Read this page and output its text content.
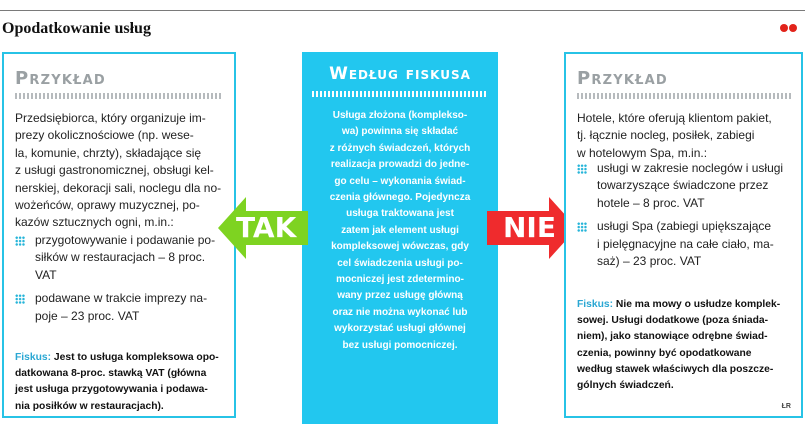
Opodatkowanie usług
Przykład

Przedsiębiorca, który organizuje im-
prezy okolicznościowe (np. wese-
la, komunie, chrzty), składające się
z usługi gastronomicznej, obsługi kel-
nerskiej, dekoracji sali, noclegu dla no-
wożeńców, oprawy muzycznej, po-
kazów sztucznych ogni, m.in.:

przygotowywanie i podawanie po-
siłków w restauracjach – 8 proc.
VAT
podawane w trakcie imprezy na-
poje – 23 proc. VAT

Fiskus: Jest to usługa kompleksowa opo-
datkowana 8-proc. stawką VAT (główna
jest usługa przygotowywania i podawa-
nia posiłków w restauracjach).

Według fiskusa

Usługa złożona (komplekso-
wa) powinna się składać
z różnych świadczeń, których
realizacja prowadzi do jedne-
go celu – wykonania świad-
czenia głównego. Pojedyncza
usługa traktowana jest
zatem jak element usługi
kompleksowej wówczas, gdy
cel świadczenia usługi po-
mocniczej jest zdetermino-
wany przez usługę główną
oraz nie można wykonać lub
wykorzystać usługi głównej
bez usługi pomocniczej.

TAK	NIE
Przykład

Hotele, które oferują klientom pakiet,
tj. łącznie nocleg, posiłek, zabiegi
w hotelowym Spa, m.in.:

usługi w zakresie noclegów i usługi
towarzyszące świadczone przez
hotele – 8 proc. VAT
usługi Spa (zabiegi upiększające
i pielęgnacyjne na całe ciało, ma-
saż) – 23 proc. VAT

Fiskus: Nie ma mowy o usłudze komplek-
sowej. Usługi dodatkowe (poza śniada-
niem), jako stanowiące odrębne świad-
czenia, powinny być opodatkowane
według stawek właściwych dla poszcze-
gólnych świadczeń.

ŁR
